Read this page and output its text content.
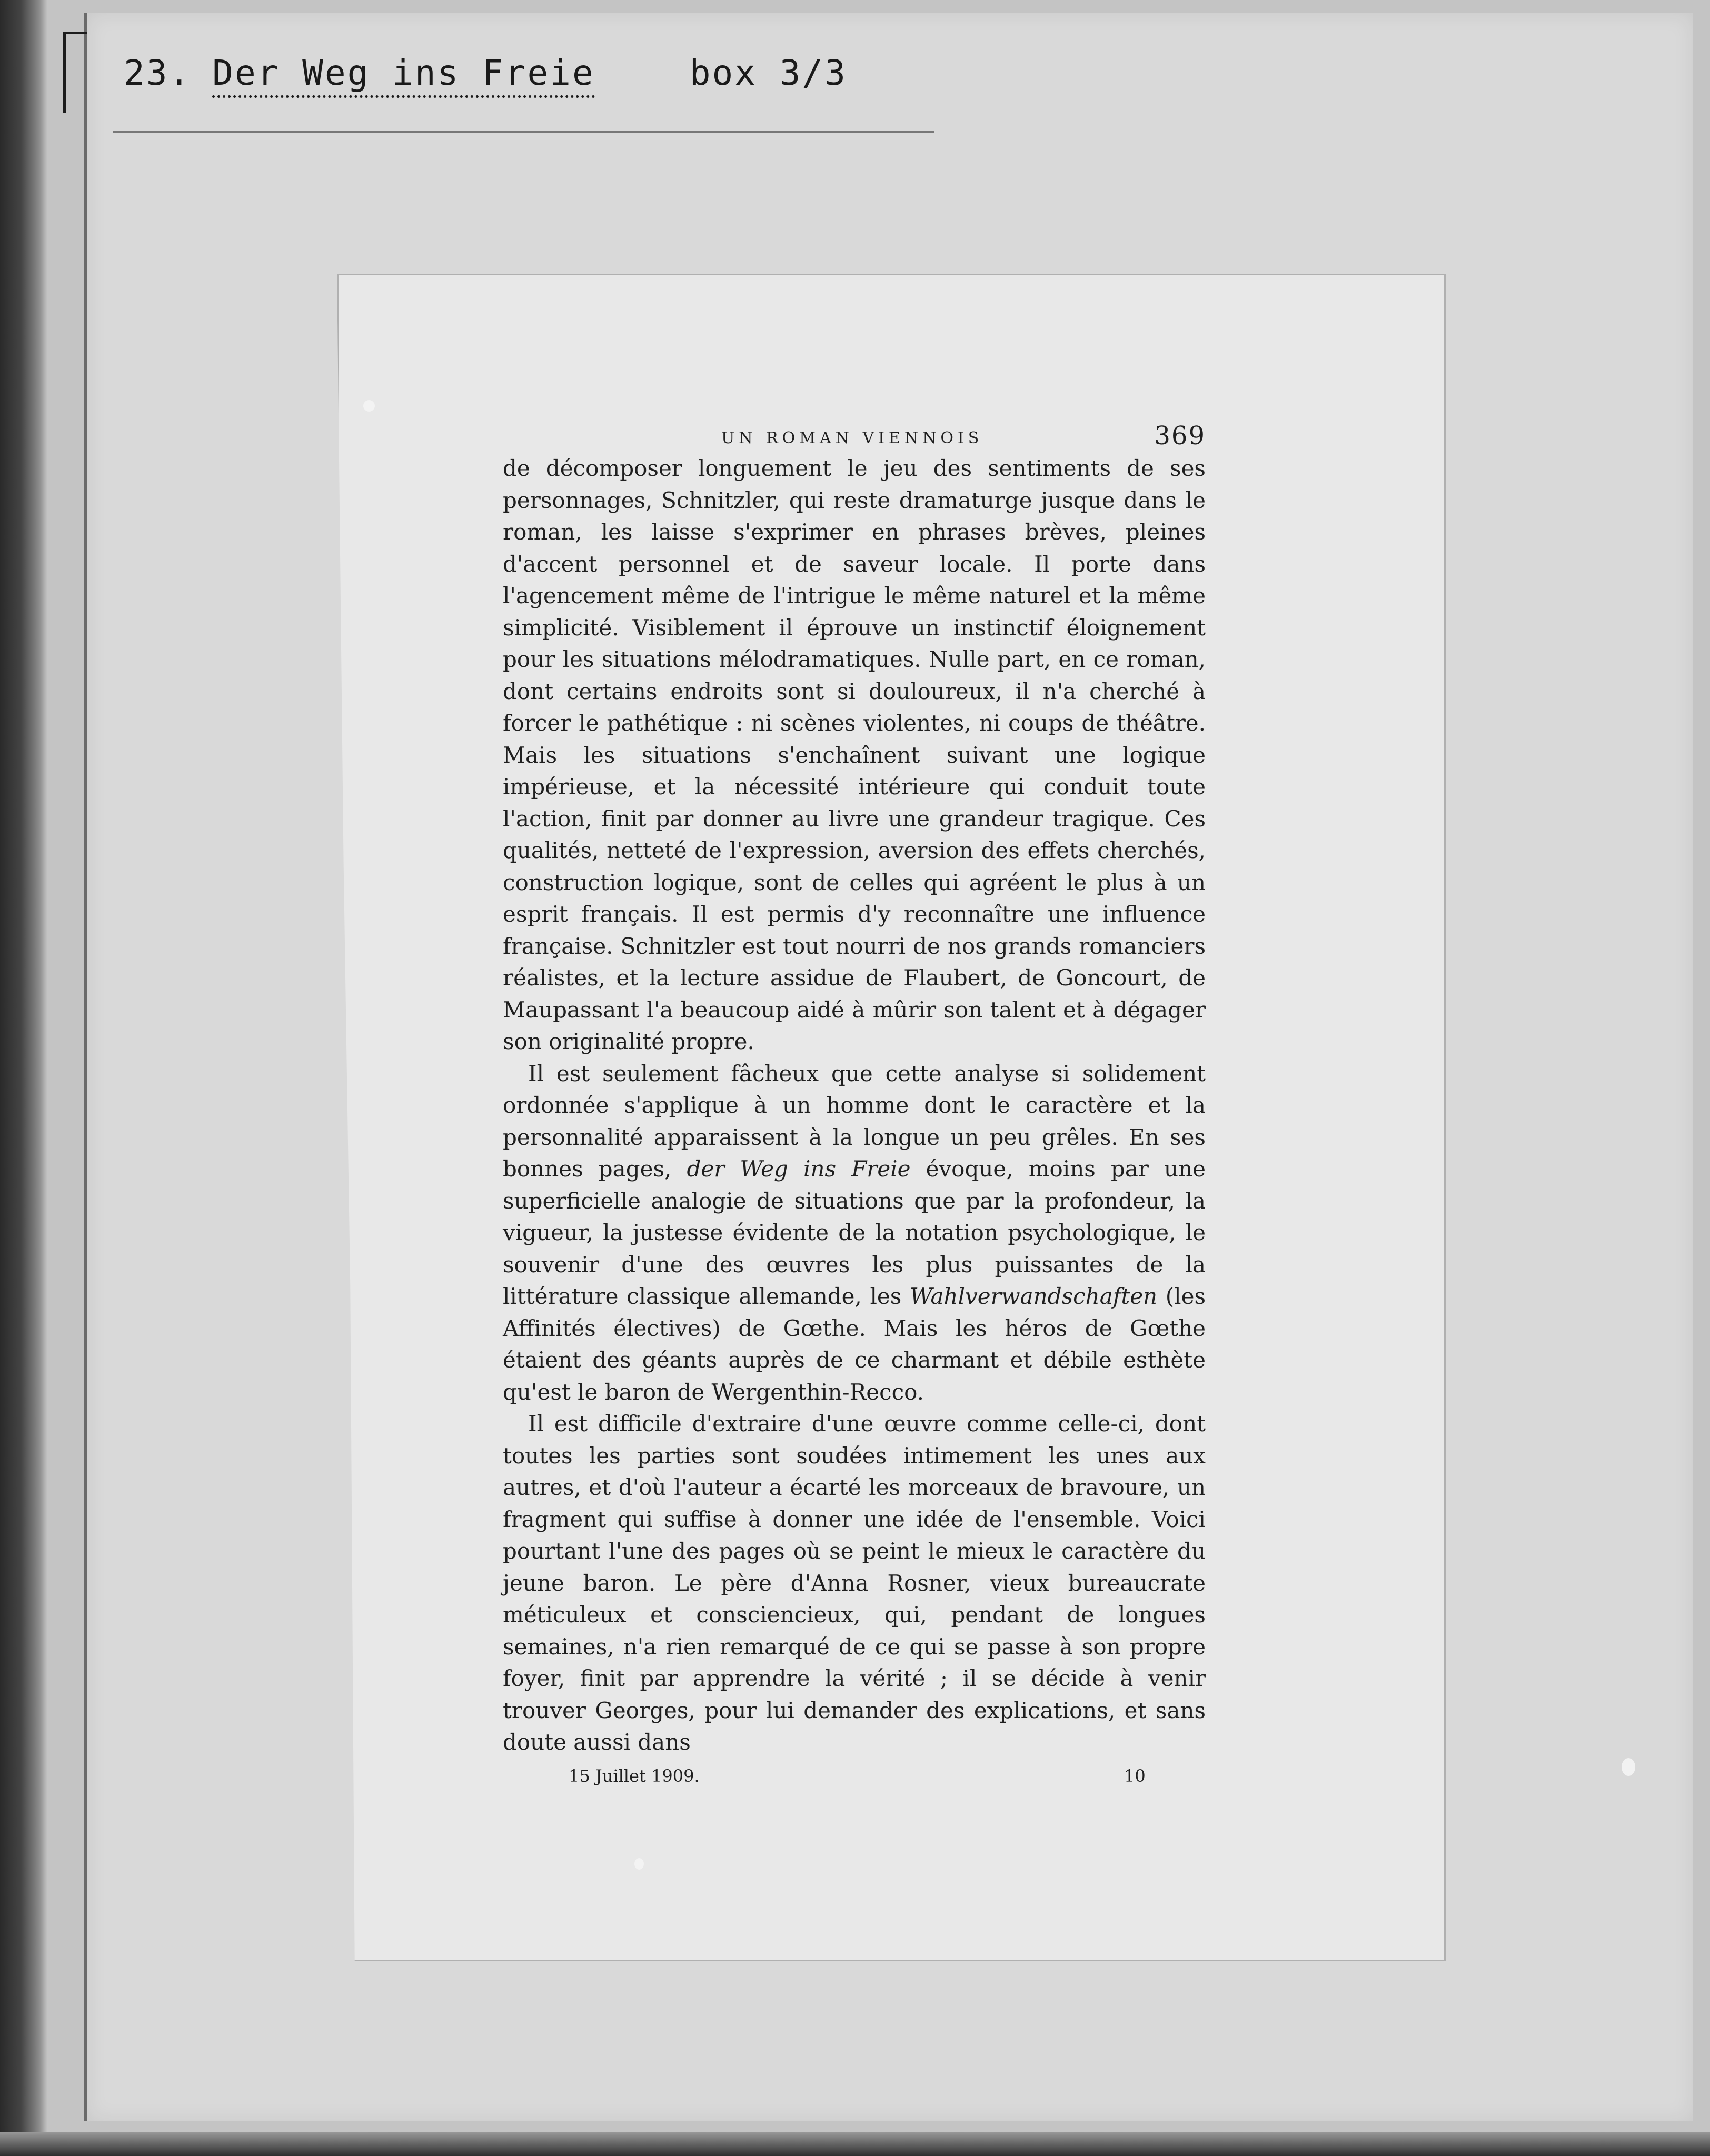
23. Der Weg ins Freie	box 3/3
UN ROMAN VIENNOIS	369

de décomposer longuement le jeu des sentiments de ses personnages, Schnitzler, qui reste dramaturge jusque dans le roman, les laisse s'exprimer en phrases brèves, pleines d'accent personnel et de saveur locale. Il porte dans l'agencement même de l'intrigue le même naturel et la même simplicité. Visiblement il éprouve un instinctif éloignement pour les situations mélodramatiques. Nulle part, en ce roman, dont certains endroits sont si douloureux, il n'a cherché à forcer le pathétique : ni scènes violentes, ni coups de théâtre. Mais les situations s'enchaînent suivant une logique impérieuse, et la nécessité intérieure qui conduit toute l'action, finit par donner au livre une grandeur tragique. Ces qualités, netteté de l'expression, aversion des effets cherchés, construction logique, sont de celles qui agréent le plus à un esprit français. Il est permis d'y reconnaître une influence française. Schnitzler est tout nourri de nos grands romanciers réalistes, et la lecture assidue de Flaubert, de Goncourt, de Maupassant l'a beaucoup aidé à mûrir son talent et à dégager son originalité propre.

Il est seulement fâcheux que cette analyse si solidement ordonnée s'applique à un homme dont le caractère et la personnalité apparaissent à la longue un peu grêles. En ses bonnes pages, der Weg ins Freie évoque, moins par une superficielle analogie de situations que par la profondeur, la vigueur, la justesse évidente de la notation psychologique, le souvenir d'une des œuvres les plus puissantes de la littérature classique allemande, les Wahlverwandschaften (les Affinités électives) de Gœthe. Mais les héros de Gœthe étaient des géants auprès de ce charmant et débile esthète qu'est le baron de Wergenthin-Recco.

Il est difficile d'extraire d'une œuvre comme celle-ci, dont toutes les parties sont soudées intimement les unes aux autres, et d'où l'auteur a écarté les morceaux de bravoure, un fragment qui suffise à donner une idée de l'ensemble. Voici pourtant l'une des pages où se peint le mieux le caractère du jeune baron. Le père d'Anna Rosner, vieux bureaucrate méticuleux et consciencieux, qui, pendant de longues semaines, n'a rien remarqué de ce qui se passe à son propre foyer, finit par apprendre la vérité ; il se décide à venir trouver Georges, pour lui demander des explications, et sans doute aussi dans

15 Juillet 1909.	10
